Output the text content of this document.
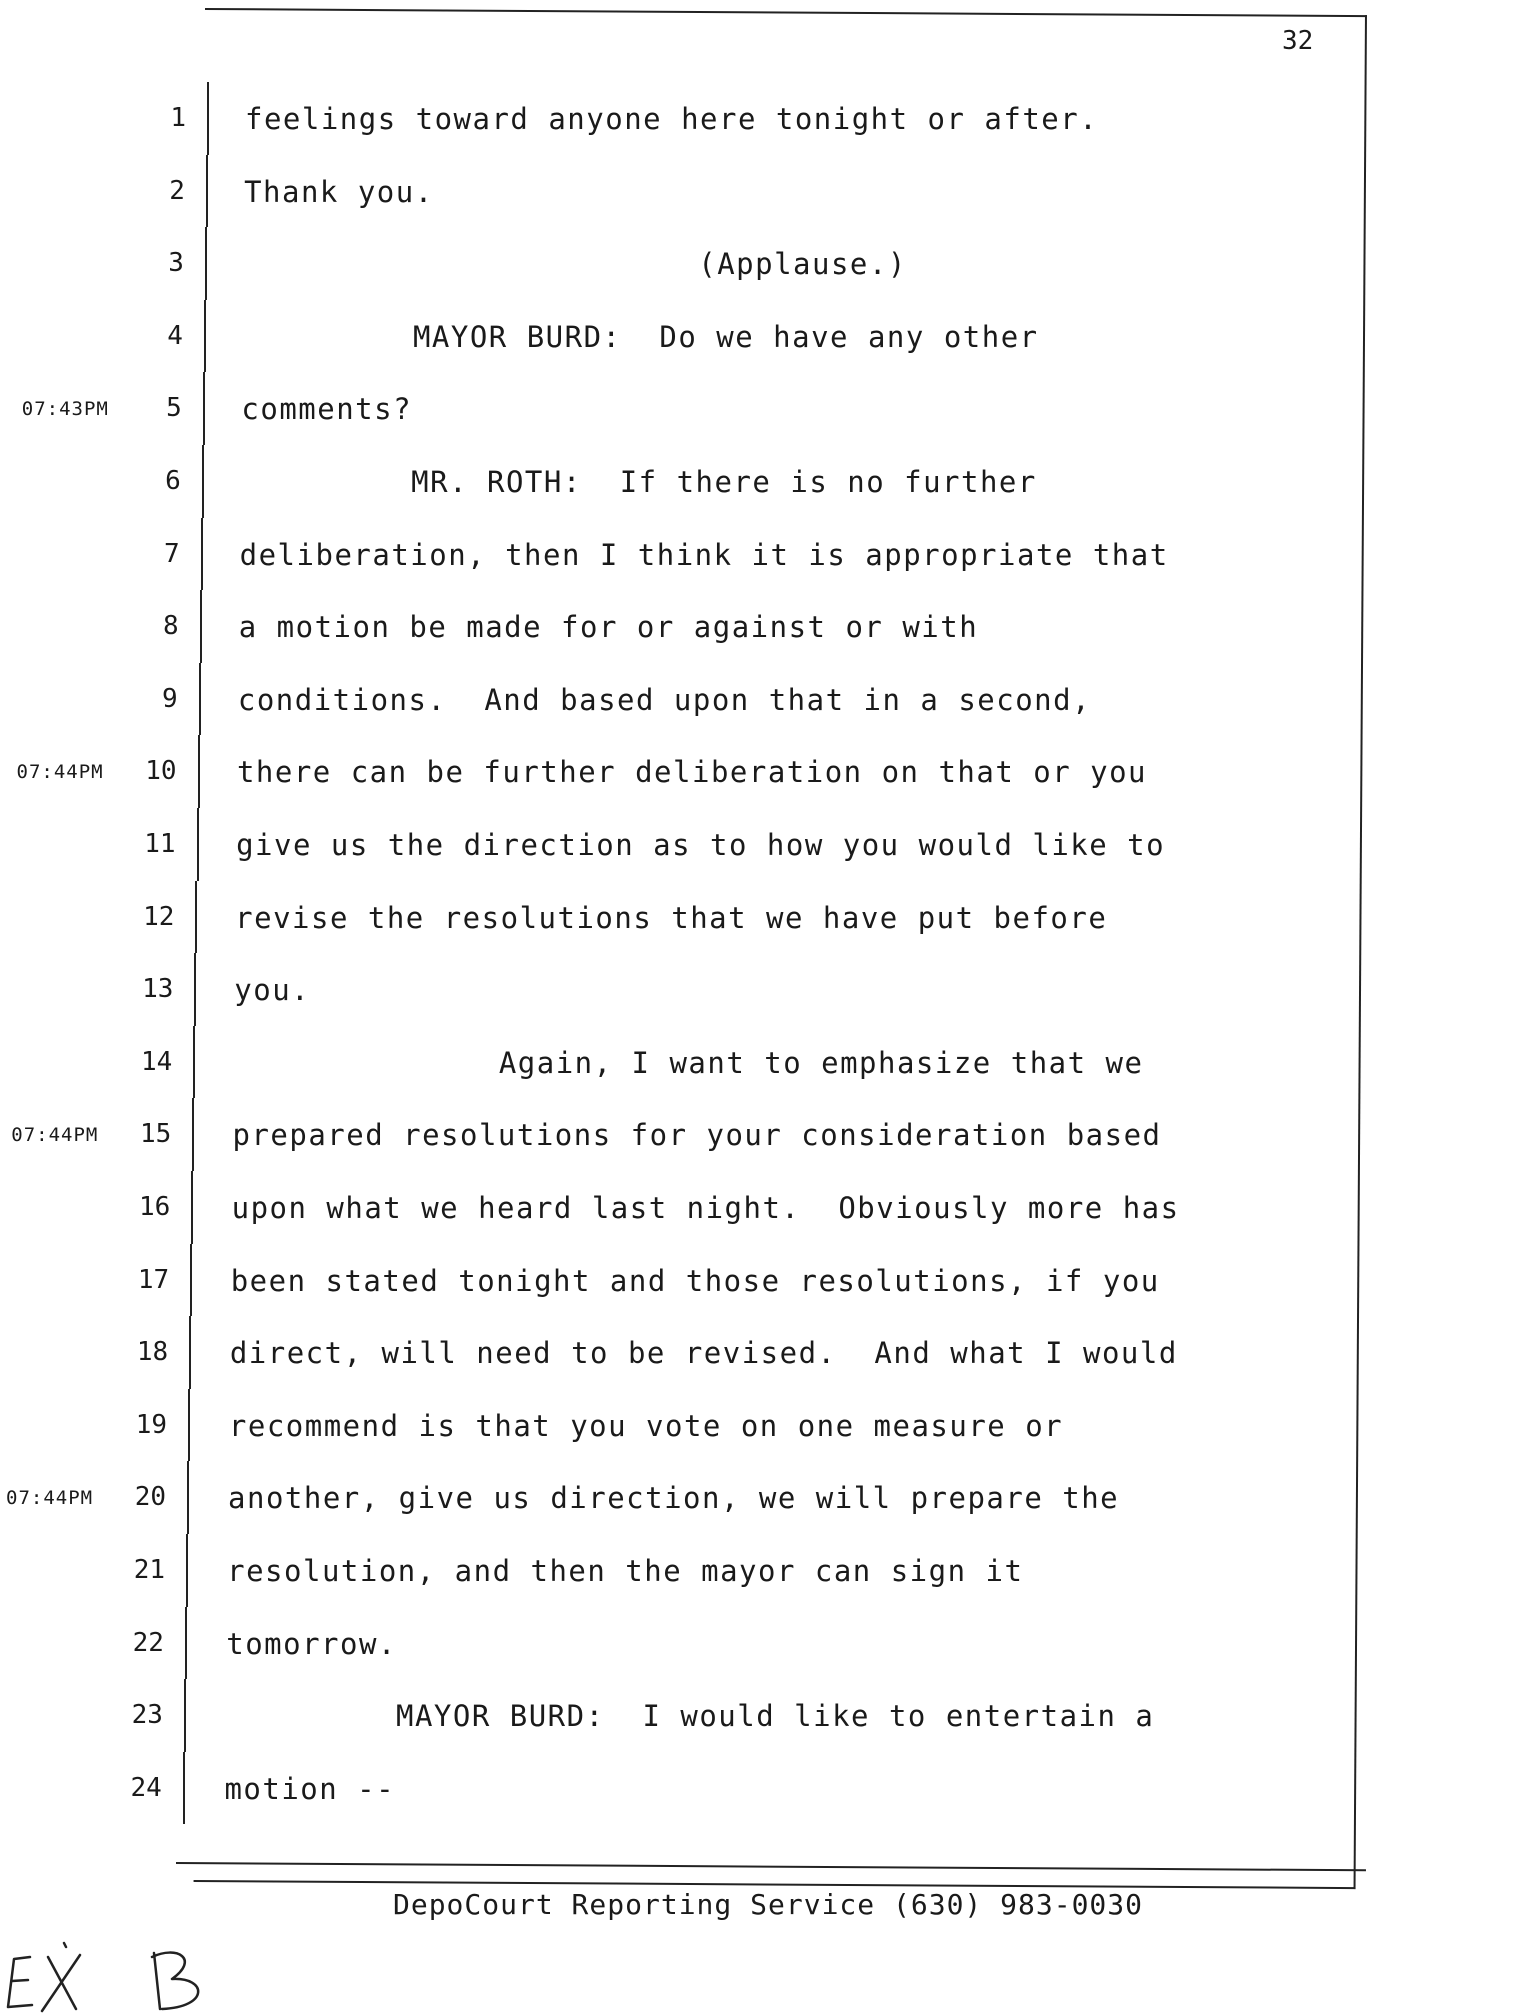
32
1 feelings toward anyone here tonight or after.
2 Thank you.
3 (Applause.)
4 MAYOR BURD:  Do we have any other
5
07:43PM	comments?
6 MR. ROTH:  If there is no further
7 deliberation, then I think it is appropriate that
8 a motion be made for or against or with
9 conditions.  And based upon that in a second,
10
07:44PM	there can be further deliberation on that or you
11 give us the direction as to how you would like to
12 revise the resolutions that we have put before
13 you.
14 Again, I want to emphasize that we
15
07:44PM	prepared resolutions for your consideration based
16 upon what we heard last night.  Obviously more has
17 been stated tonight and those resolutions, if you
18 direct, will need to be revised.  And what I would
19 recommend is that you vote on one measure or
20
07:44PM	another, give us direction, we will prepare the
21 resolution, and then the mayor can sign it
22 tomorrow.
23 MAYOR BURD:  I would like to entertain a
24 motion --
DepoCourt Reporting Service (630) 983-0030
